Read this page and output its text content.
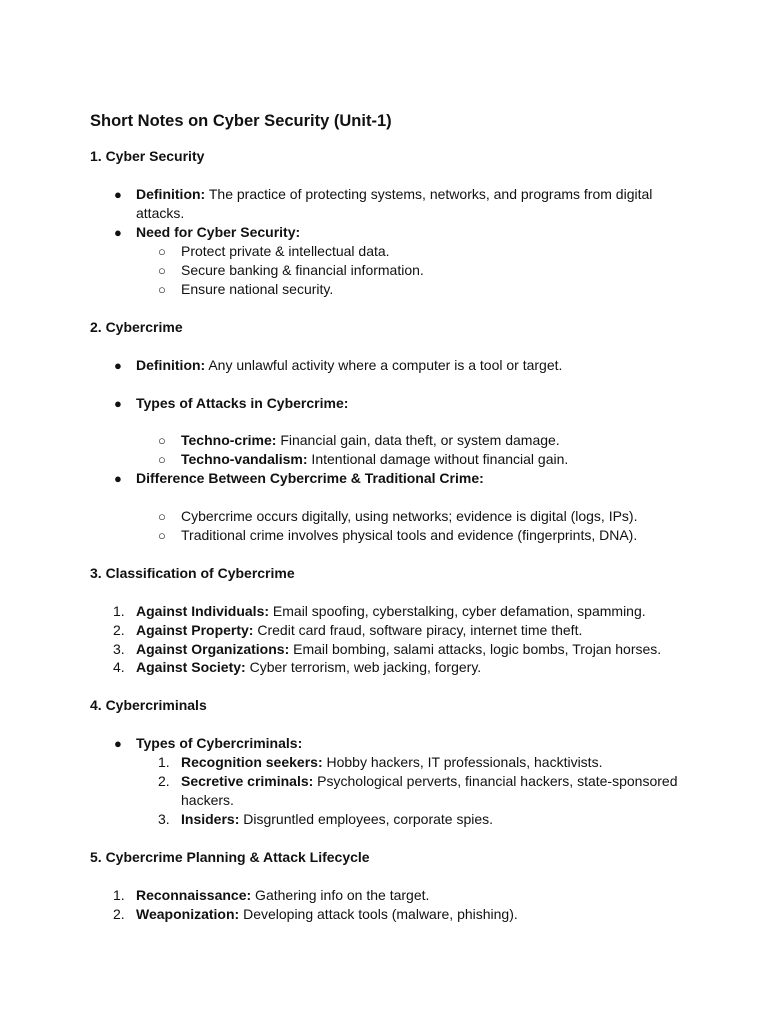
Short Notes on Cyber Security (Unit-1)
1. Cyber Security
● Definition: The practice of protecting systems, networks, and programs from digital
attacks.
● Need for Cyber Security:
○ Protect private & intellectual data.
○ Secure banking & financial information.
○ Ensure national security.
2. Cybercrime
● Definition: Any unlawful activity where a computer is a tool or target.
● Types of Attacks in Cybercrime:
○ Techno-crime: Financial gain, data theft, or system damage.
○ Techno-vandalism: Intentional damage without financial gain.
● Difference Between Cybercrime & Traditional Crime:
○ Cybercrime occurs digitally, using networks; evidence is digital (logs, IPs).
○ Traditional crime involves physical tools and evidence (fingerprints, DNA).
3. Classification of Cybercrime
1. Against Individuals: Email spoofing, cyberstalking, cyber defamation, spamming.
2. Against Property: Credit card fraud, software piracy, internet time theft.
3. Against Organizations: Email bombing, salami attacks, logic bombs, Trojan horses.
4. Against Society: Cyber terrorism, web jacking, forgery.
4. Cybercriminals
● Types of Cybercriminals:
1. Recognition seekers: Hobby hackers, IT professionals, hacktivists.
2. Secretive criminals: Psychological perverts, financial hackers, state-sponsored
hackers.
3. Insiders: Disgruntled employees, corporate spies.
5. Cybercrime Planning & Attack Lifecycle
1. Reconnaissance: Gathering info on the target.
2. Weaponization: Developing attack tools (malware, phishing).
